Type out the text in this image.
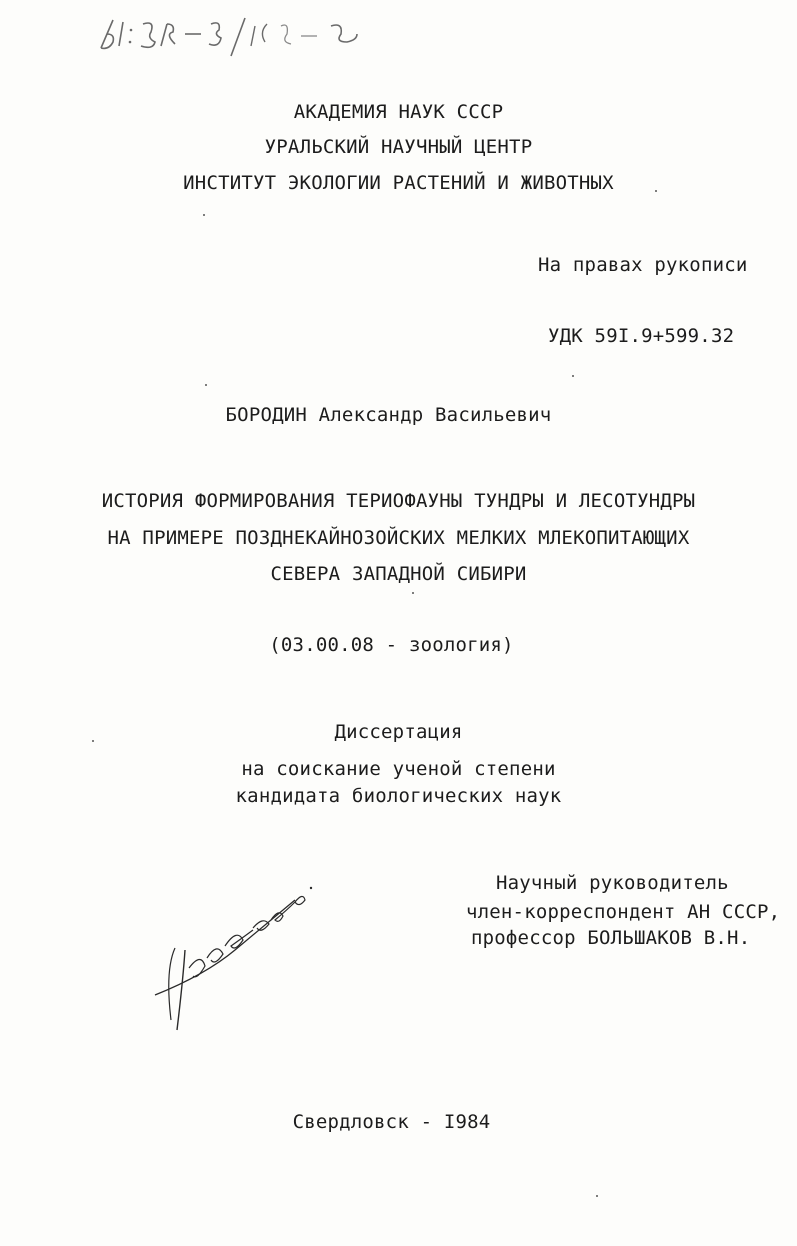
АКАДЕМИЯ НАУК СССР
УРАЛЬСКИЙ НАУЧНЫЙ ЦЕНТР
ИНСТИТУТ ЭКОЛОГИИ РАСТЕНИЙ И ЖИВОТНЫХ
На правах рукописи
УДК 59I.9+599.32
БОРОДИН Александр Васильевич
ИСТОРИЯ ФОРМИРОВАНИЯ ТЕРИОФАУНЫ ТУНДРЫ И ЛЕСОТУНДРЫ
НА ПРИМЕРЕ ПОЗДНЕКАЙНОЗОЙСКИХ МЕЛКИХ МЛЕКОПИТАЮЩИХ
СЕВЕРА ЗАПАДНОЙ СИБИРИ
(03.00.08 - зоология)
Диссертация
на соискание ученой степени
кандидата биологических наук
Научный руководитель
член-корреспондент АН СССР,
профессор БОЛЬШАКОВ В.Н.
Свердловск - I984
